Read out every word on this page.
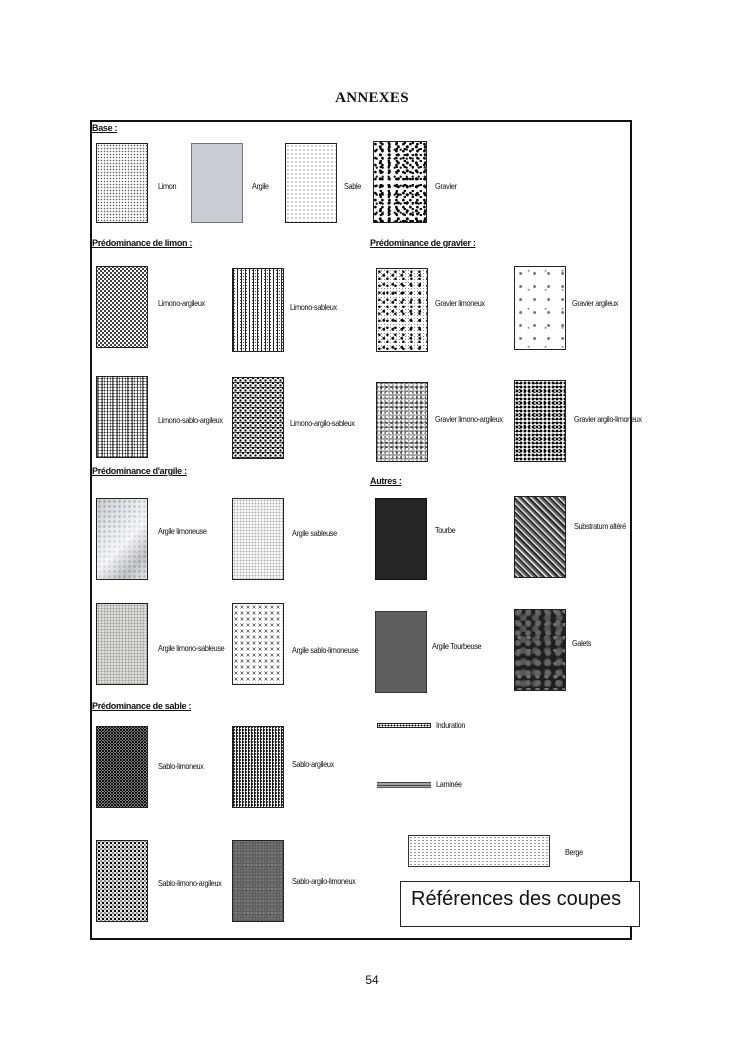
ANNEXES
Base :
Prédominance de limon :	Prédominance de gravier :
Prédominance d'argile :
Autres :
Prédominance de sable :
Limon	Argile	Sable	Gravier
Limono-argileux	Limono-sableux	Gravier limoneux	Gravier argileux
Limono-sablo-argileux	Limono-argilo-sableux	Gravier limono-argileux	Gravier argilo-limoneux
Argile limoneuse	Argile sableuse	Tourbe	Substratum altéré
Argile limono-sableuse	Argile sablo-limoneuse	Argile Tourbeuse	Galets
Sablo-limoneux	Sablo-argileux
Induration
Laminée
Sablo-limono-argileux	Sablo-argilo-limoneux
Berge
Références des coupes
54
